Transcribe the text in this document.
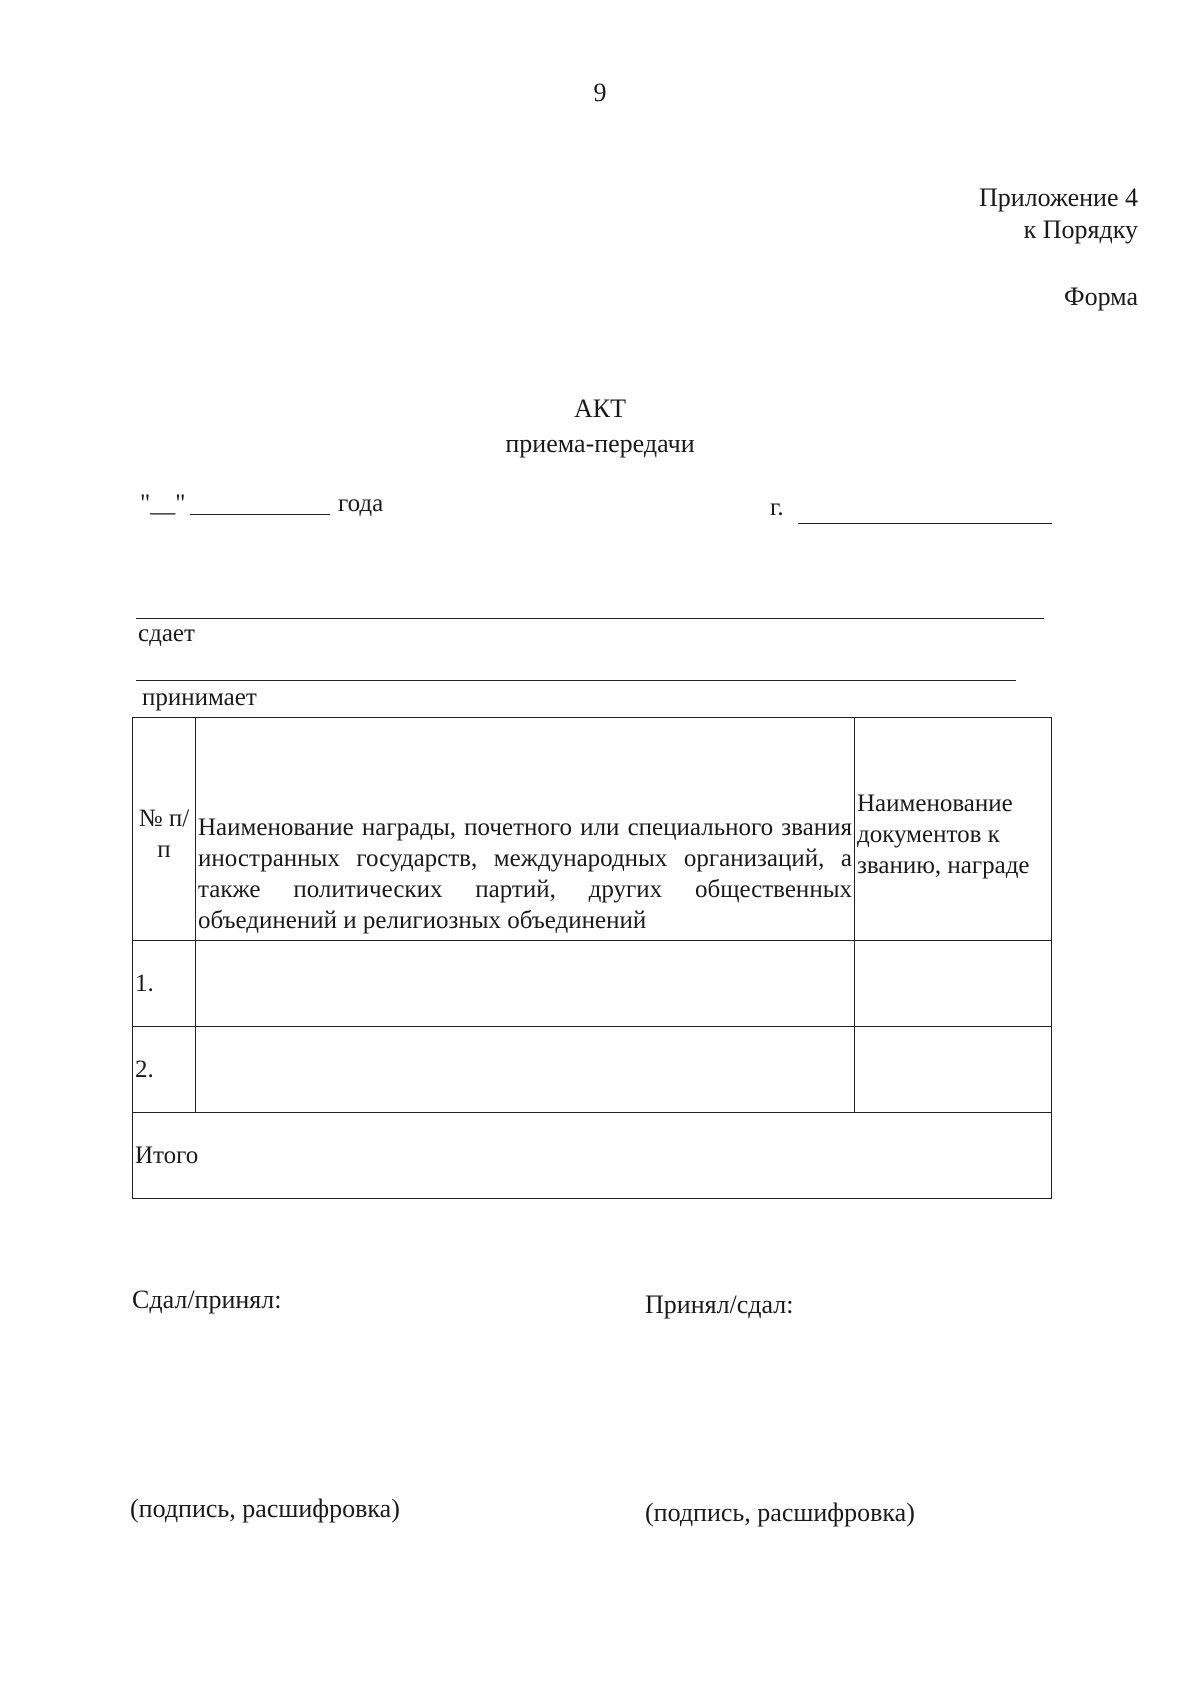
9
Приложение 4
к Порядку
Форма
АКТ
приема-передачи
"__"	года	г.
сдает
принимает
№ п/п	Наименование награды, почетного или специального звания иностранных государств, международных организаций, а также политических партий, других общественных объединений и религиозных объединений	Наименование документов к званию, награде
1.		
2.		
Итого		
Сдал/принял:	Принял/сдал:
(подпись, расшифровка)	(подпись, расшифровка)
